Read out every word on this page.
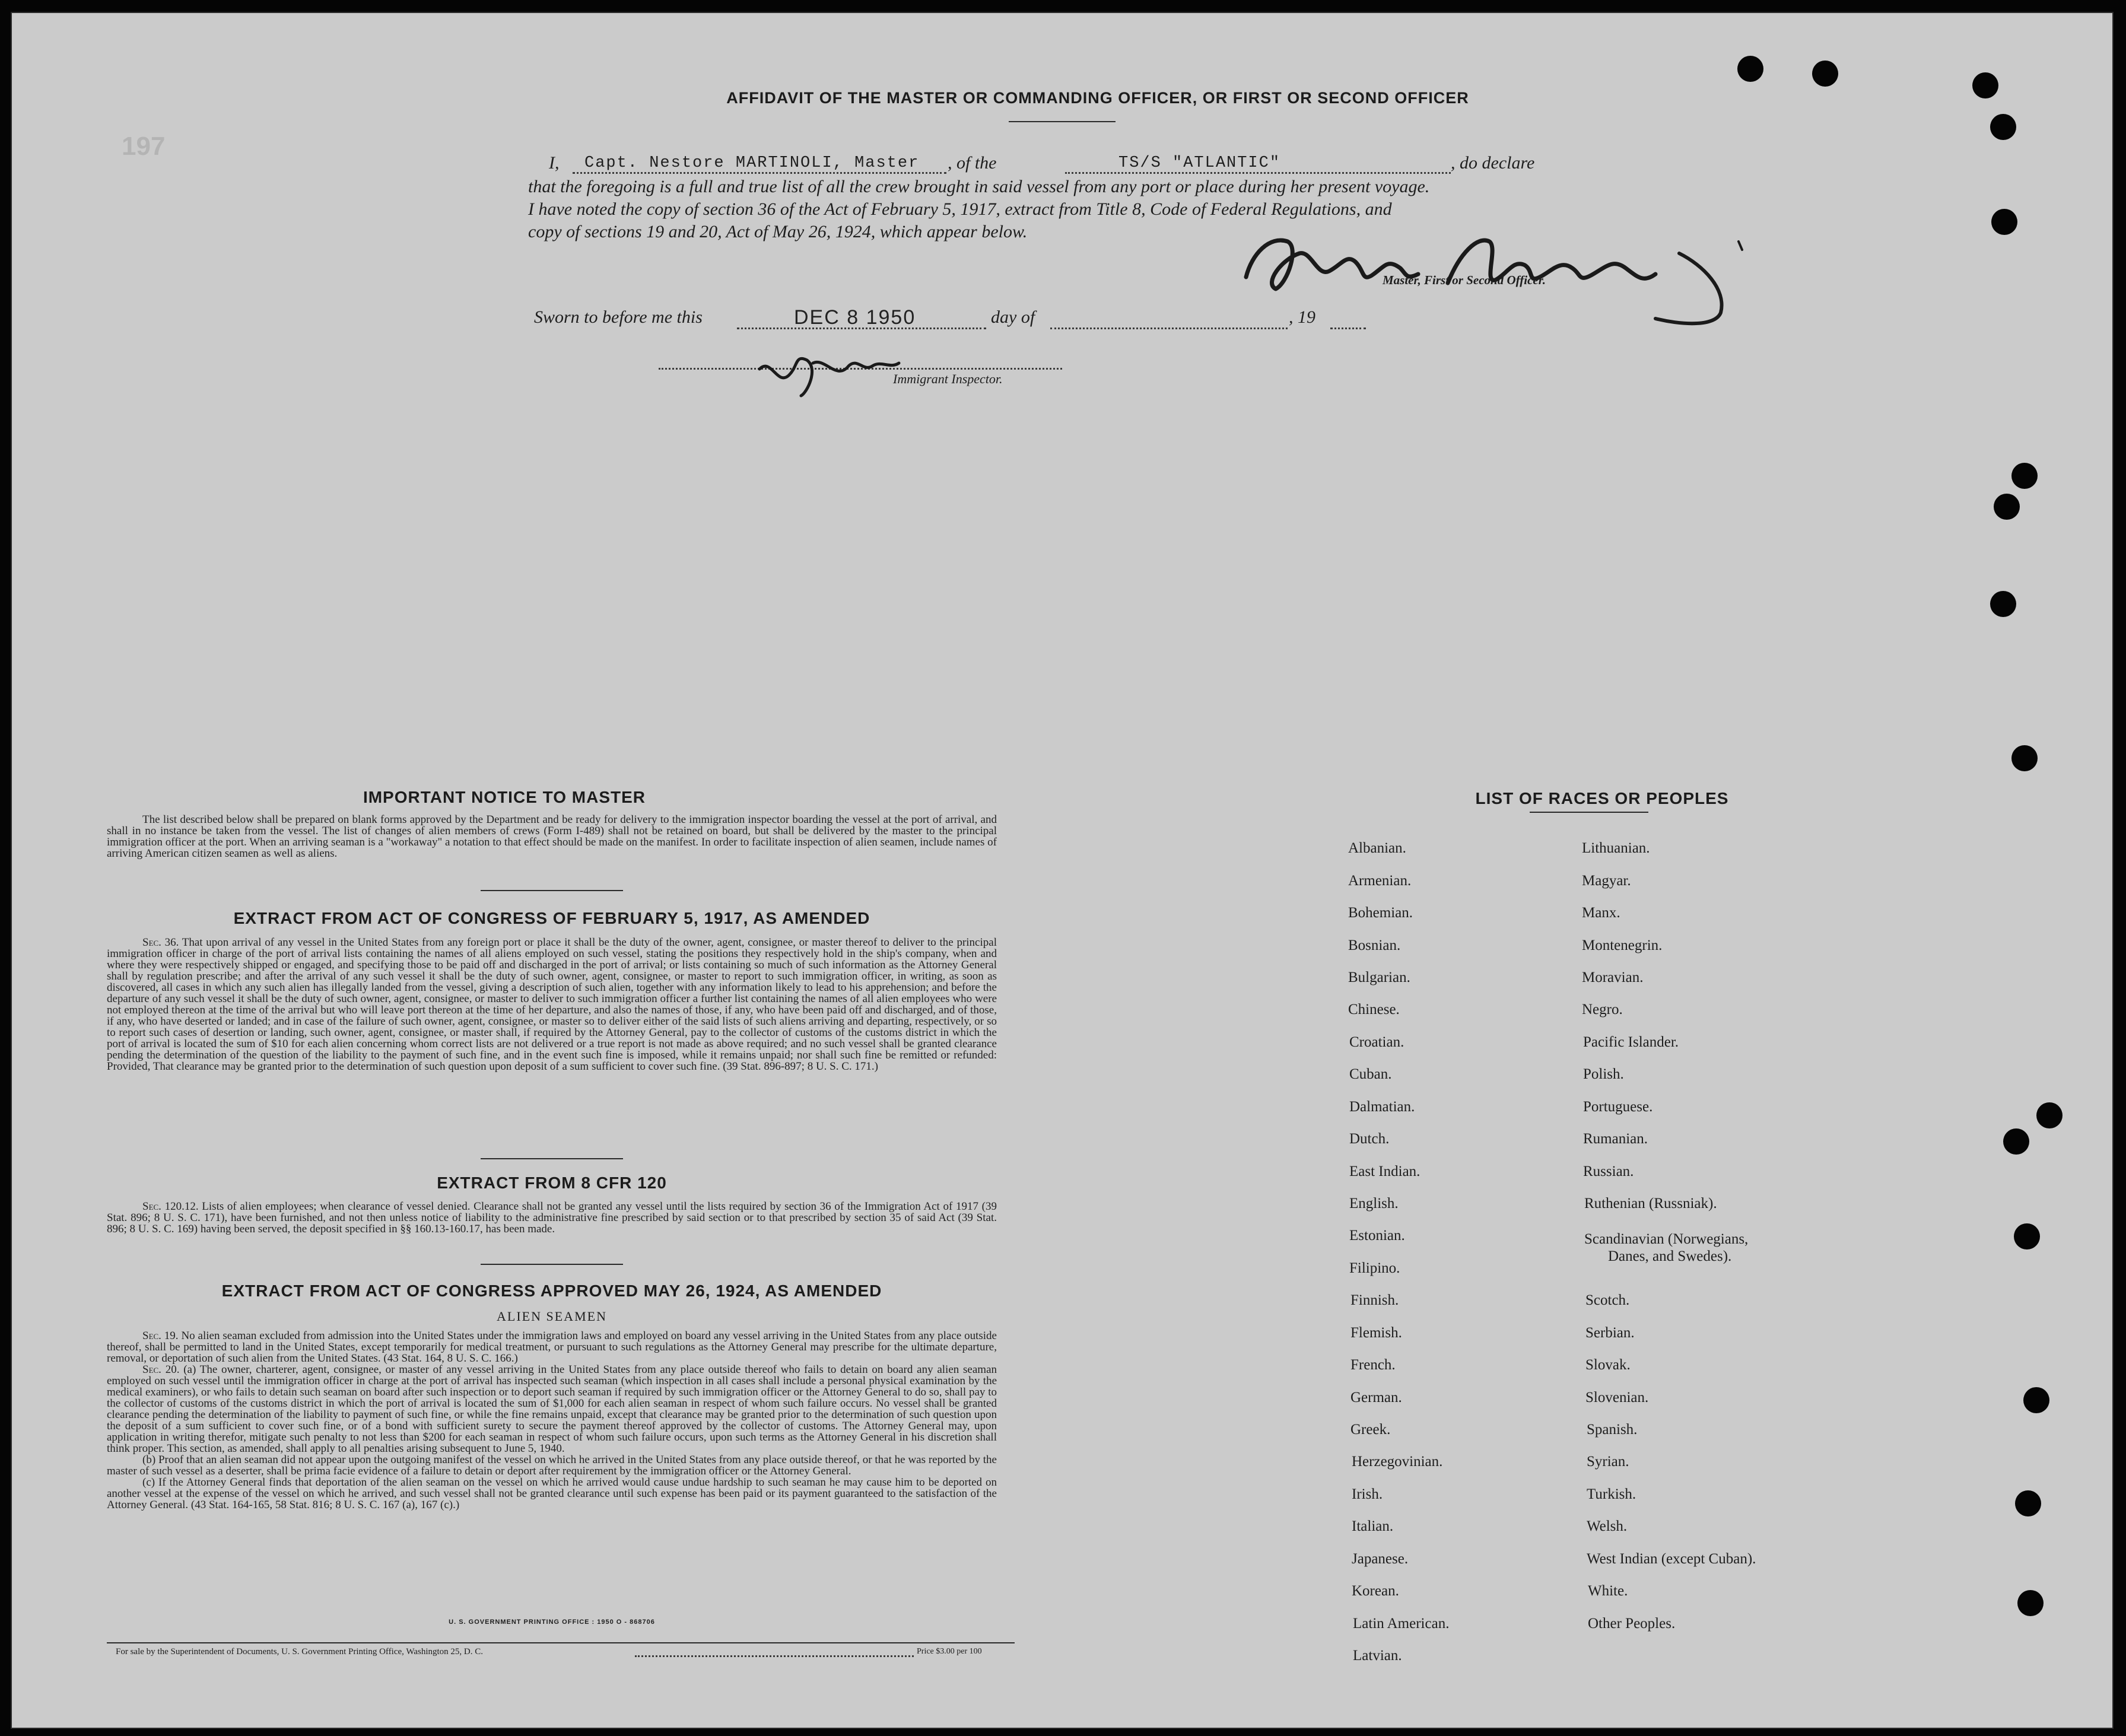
197
AFFIDAVIT OF THE MASTER OR COMMANDING OFFICER, OR FIRST OR SECOND OFFICER
I, Capt. Nestore MARTINOLI, Master , of the	TS/S "ATLANTIC"	, do declare
that the foregoing is a full and true list of all the crew brought in said vessel from any port or place during her present voyage.
I have noted the copy of section 36 of the Act of February 5, 1917, extract from Title 8, Code of Federal Regulations, and
copy of sections 19 and 20, Act of May 26, 1924, which appear below.
Master, First or Second Officer.
Sworn to before me this	DEC 8 1950	day of	, 19
Immigrant Inspector.
IMPORTANT NOTICE TO MASTER
The list described below shall be prepared on blank forms approved by the Department and be ready for delivery to the immigration inspector boarding the vessel at the port of arrival, and shall in no instance be taken from the vessel. The list of changes of alien members of crews (Form I-489) shall not be retained on board, but shall be delivered by the master to the principal immigration officer at the port. When an arriving seaman is a "workaway" a notation to that effect should be made on the manifest. In order to facilitate inspection of alien seamen, include names of arriving American citizen seamen as well as aliens.
EXTRACT FROM ACT OF CONGRESS OF FEBRUARY 5, 1917, AS AMENDED
Sec. 36. That upon arrival of any vessel in the United States from any foreign port or place it shall be the duty of the owner, agent, consignee, or master thereof to deliver to the principal immigration officer in charge of the port of arrival lists containing the names of all aliens employed on such vessel, stating the positions they respectively hold in the ship's company, when and where they were respectively shipped or engaged, and specifying those to be paid off and discharged in the port of arrival; or lists containing so much of such information as the Attorney General shall by regulation prescribe; and after the arrival of any such vessel it shall be the duty of such owner, agent, consignee, or master to report to such immigration officer, in writing, as soon as discovered, all cases in which any such alien has illegally landed from the vessel, giving a description of such alien, together with any information likely to lead to his apprehension; and before the departure of any such vessel it shall be the duty of such owner, agent, consignee, or master to deliver to such immigration officer a further list containing the names of all alien employees who were not employed thereon at the time of the arrival but who will leave port thereon at the time of her departure, and also the names of those, if any, who have been paid off and discharged, and of those, if any, who have deserted or landed; and in case of the failure of such owner, agent, consignee, or master so to deliver either of the said lists of such aliens arriving and departing, respectively, or so to report such cases of desertion or landing, such owner, agent, consignee, or master shall, if required by the Attorney General, pay to the collector of customs of the customs district in which the port of arrival is located the sum of $10 for each alien concerning whom correct lists are not delivered or a true report is not made as above required; and no such vessel shall be granted clearance pending the determination of the question of the liability to the payment of such fine, and in the event such fine is imposed, while it remains unpaid; nor shall such fine be remitted or refunded: Provided, That clearance may be granted prior to the determination of such question upon deposit of a sum sufficient to cover such fine. (39 Stat. 896-897; 8 U. S. C. 171.)
EXTRACT FROM 8 CFR 120
Sec. 120.12. Lists of alien employees; when clearance of vessel denied. Clearance shall not be granted any vessel until the lists required by section 36 of the Immigration Act of 1917 (39 Stat. 896; 8 U. S. C. 171), have been furnished, and not then unless notice of liability to the administrative fine prescribed by said section or to that prescribed by section 35 of said Act (39 Stat. 896; 8 U. S. C. 169) having been served, the deposit specified in §§ 160.13-160.17, has been made.
EXTRACT FROM ACT OF CONGRESS APPROVED MAY 26, 1924, AS AMENDED
ALIEN SEAMEN
Sec. 19. No alien seaman excluded from admission into the United States under the immigration laws and employed on board any vessel arriving in the United States from any place outside thereof, shall be permitted to land in the United States, except temporarily for medical treatment, or pursuant to such regulations as the Attorney General may prescribe for the ultimate departure, removal, or deportation of such alien from the United States. (43 Stat. 164, 8 U. S. C. 166.)
Sec. 20. (a) The owner, charterer, agent, consignee, or master of any vessel arriving in the United States from any place outside thereof who fails to detain on board any alien seaman employed on such vessel until the immigration officer in charge at the port of arrival has inspected such seaman (which inspection in all cases shall include a personal physical examination by the medical examiners), or who fails to detain such seaman on board after such inspection or to deport such seaman if required by such immigration officer or the Attorney General to do so, shall pay to the collector of customs of the customs district in which the port of arrival is located the sum of $1,000 for each alien seaman in respect of whom such failure occurs. No vessel shall be granted clearance pending the determination of the liability to payment of such fine, or while the fine remains unpaid, except that clearance may be granted prior to the determination of such question upon the deposit of a sum sufficient to cover such fine, or of a bond with sufficient surety to secure the payment thereof approved by the collector of customs. The Attorney General may, upon application in writing therefor, mitigate such penalty to not less than $200 for each seaman in respect of whom such failure occurs, upon such terms as the Attorney General in his discretion shall think proper. This section, as amended, shall apply to all penalties arising subsequent to June 5, 1940.
(b) Proof that an alien seaman did not appear upon the outgoing manifest of the vessel on which he arrived in the United States from any place outside thereof, or that he was reported by the master of such vessel as a deserter, shall be prima facie evidence of a failure to detain or deport after requirement by the immigration officer or the Attorney General.
(c) If the Attorney General finds that deportation of the alien seaman on the vessel on which he arrived would cause undue hardship to such seaman he may cause him to be deported on another vessel at the expense of the vessel on which he arrived, and such vessel shall not be granted clearance until such expense has been paid or its payment guaranteed to the satisfaction of the Attorney General. (43 Stat. 164-165, 58 Stat. 816; 8 U. S. C. 167 (a), 167 (c).)
U. S. GOVERNMENT PRINTING OFFICE : 1950 O - 868706
For sale by the Superintendent of Documents, U. S. Government Printing Office, Washington 25, D. C.	Price $3.00 per 100
LIST OF RACES OR PEOPLES
Albanian.
Armenian.
Bohemian.
Bosnian.
Bulgarian.
Chinese.
Croatian.
Cuban.
Dalmatian.
Dutch.
East Indian.
English.
Estonian.
Filipino.
Finnish.
Flemish.
French.
German.
Greek.
Herzegovinian.
Irish.
Italian.
Japanese.
Korean.
Latin American.
Latvian.
Lithuanian.
Magyar.
Manx.
Montenegrin.
Moravian.
Negro.
Pacific Islander.
Polish.
Portuguese.
Rumanian.
Russian.
Ruthenian (Russniak).
Scandinavian (Norwegians,
Danes, and Swedes).
Scotch.
Serbian.
Slovak.
Slovenian.
Spanish.
Syrian.
Turkish.
Welsh.
West Indian (except Cuban).
White.
Other Peoples.
